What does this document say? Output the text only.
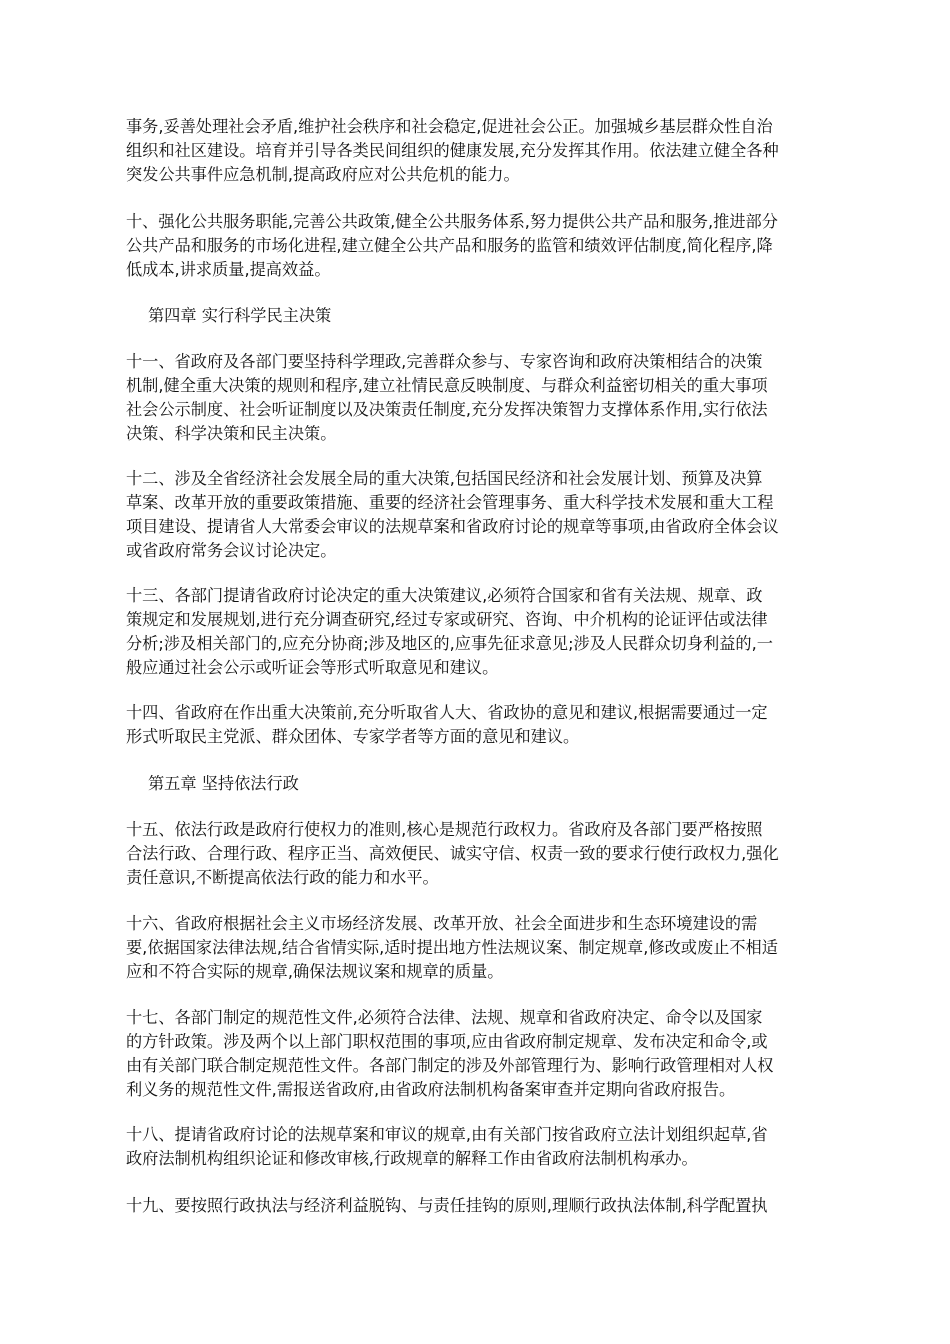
事务,妥善处理社会矛盾,维护社会秩序和社会稳定,促进社会公正。加强城乡基层群众性自治
组织和社区建设。培育并引导各类民间组织的健康发展,充分发挥其作用。依法建立健全各种
突发公共事件应急机制,提高政府应对公共危机的能力。
十、强化公共服务职能,完善公共政策,健全公共服务体系,努力提供公共产品和服务,推进部分
公共产品和服务的市场化进程,建立健全公共产品和服务的监管和绩效评估制度,简化程序,降
低成本,讲求质量,提高效益。
第四章 实行科学民主决策
十一、省政府及各部门要坚持科学理政,完善群众参与、专家咨询和政府决策相结合的决策
机制,健全重大决策的规则和程序,建立社情民意反映制度、与群众利益密切相关的重大事项
社会公示制度、社会听证制度以及决策责任制度,充分发挥决策智力支撑体系作用,实行依法
决策、科学决策和民主决策。
十二、涉及全省经济社会发展全局的重大决策,包括国民经济和社会发展计划、预算及决算
草案、改革开放的重要政策措施、重要的经济社会管理事务、重大科学技术发展和重大工程
项目建设、提请省人大常委会审议的法规草案和省政府讨论的规章等事项,由省政府全体会议
或省政府常务会议讨论决定。
十三、各部门提请省政府讨论决定的重大决策建议,必须符合国家和省有关法规、规章、政
策规定和发展规划,进行充分调查研究,经过专家或研究、咨询、中介机构的论证评估或法律
分析;涉及相关部门的,应充分协商;涉及地区的,应事先征求意见;涉及人民群众切身利益的,一
般应通过社会公示或听证会等形式听取意见和建议。
十四、省政府在作出重大决策前,充分听取省人大、省政协的意见和建议,根据需要通过一定
形式听取民主党派、群众团体、专家学者等方面的意见和建议。
第五章 坚持依法行政
十五、依法行政是政府行使权力的准则,核心是规范行政权力。省政府及各部门要严格按照
合法行政、合理行政、程序正当、高效便民、诚实守信、权责一致的要求行使行政权力,强化
责任意识,不断提高依法行政的能力和水平。
十六、省政府根据社会主义市场经济发展、改革开放、社会全面进步和生态环境建设的需
要,依据国家法律法规,结合省情实际,适时提出地方性法规议案、制定规章,修改或废止不相适
应和不符合实际的规章,确保法规议案和规章的质量。
十七、各部门制定的规范性文件,必须符合法律、法规、规章和省政府决定、命令以及国家
的方针政策。涉及两个以上部门职权范围的事项,应由省政府制定规章、发布决定和命令,或
由有关部门联合制定规范性文件。各部门制定的涉及外部管理行为、影响行政管理相对人权
利义务的规范性文件,需报送省政府,由省政府法制机构备案审查并定期向省政府报告。
十八、提请省政府讨论的法规草案和审议的规章,由有关部门按省政府立法计划组织起草,省
政府法制机构组织论证和修改审核,行政规章的解释工作由省政府法制机构承办。
十九、要按照行政执法与经济利益脱钩、与责任挂钩的原则,理顺行政执法体制,科学配置执
